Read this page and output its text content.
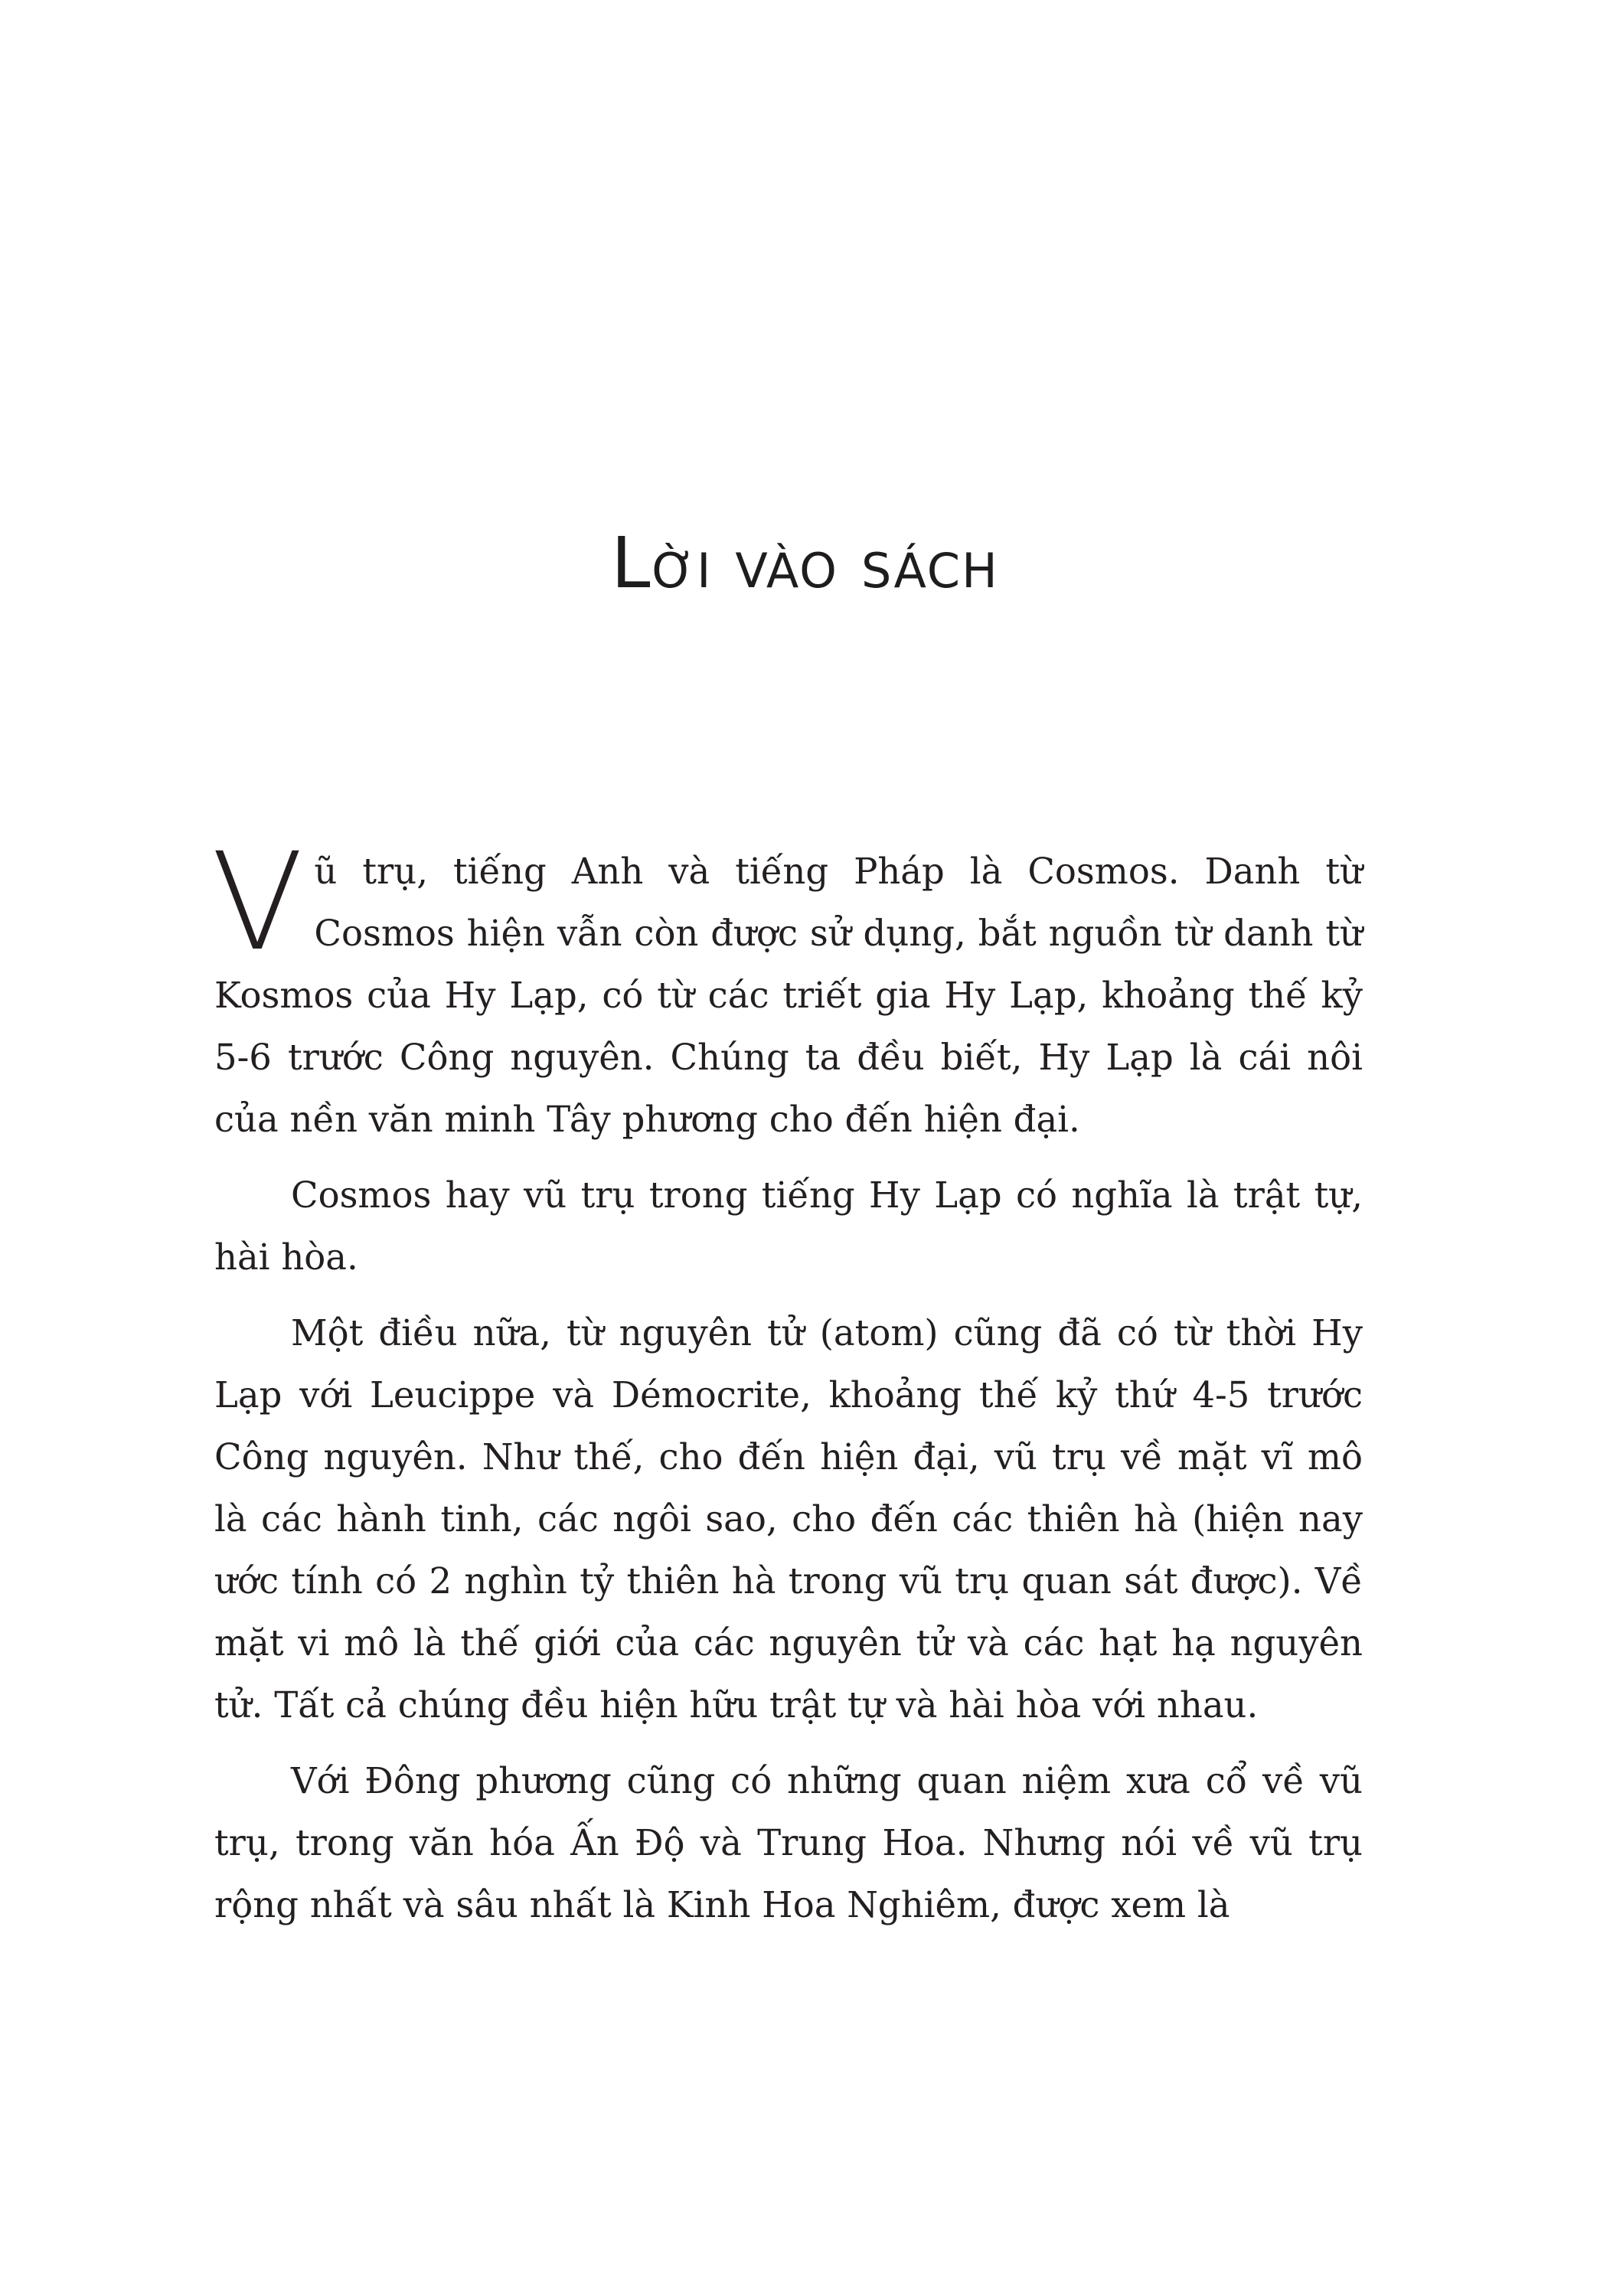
Lời vào sách

Vũ trụ, tiếng Anh và tiếng Pháp là Cosmos. Danh từ Cosmos hiện vẫn còn được sử dụng, bắt nguồn từ danh từ Kosmos của Hy Lạp, có từ các triết gia Hy Lạp, khoảng thế kỷ 5-6 trước Công nguyên. Chúng ta đều biết, Hy Lạp là cái nôi của nền văn minh Tây phương cho đến hiện đại.

Cosmos hay vũ trụ trong tiếng Hy Lạp có nghĩa là trật tự, hài hòa.

Một điều nữa, từ nguyên tử (atom) cũng đã có từ thời Hy Lạp với Leucippe và Démocrite, khoảng thế kỷ thứ 4-5 trước Công nguyên. Như thế, cho đến hiện đại, vũ trụ về mặt vĩ mô là các hành tinh, các ngôi sao, cho đến các thiên hà (hiện nay ước tính có 2 nghìn tỷ thiên hà trong vũ trụ quan sát được). Về mặt vi mô là thế giới của các nguyên tử và các hạt hạ nguyên tử. Tất cả chúng đều hiện hữu trật tự và hài hòa với nhau.

Với Đông phương cũng có những quan niệm xưa cổ về vũ trụ, trong văn hóa Ấn Độ và Trung Hoa. Nhưng nói về vũ trụ rộng nhất và sâu nhất là Kinh Hoa Nghiêm, được xem là
